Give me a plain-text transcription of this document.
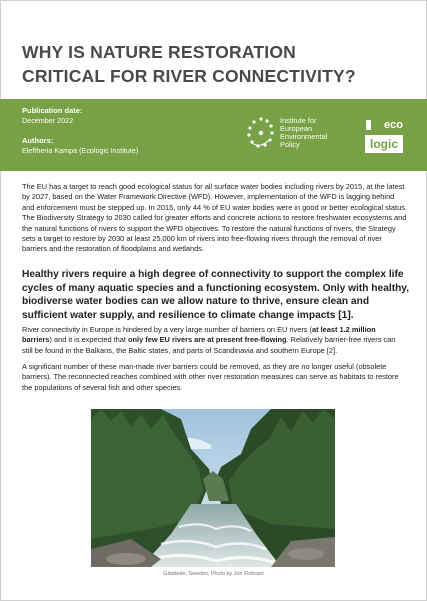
WHY IS NATURE RESTORATION
CRITICAL FOR RIVER CONNECTIVITY?
Publication date:
December 2022
Authors:
Eleftheria Kampa (Ecologic Institute)
Institute for
European
Environmental
Policy
eco
logic
The EU has a target to reach good ecological status for all surface water bodies including rivers by 2015, at the latest by 2027, based on the Water Framework Directive (WFD). However, implementation of the WFD is lagging behind and enforcement must be stepped up. In 2015, only 44 % of EU water bodies were in good or better ecological status. The Biodiversity Strategy to 2030 called for greater efforts and concrete actions to restore freshwater ecosystems and the natural functions of rivers to support the WFD objectives. To restore the natural functions of rivers, the Strategy sets a target to restore by 2030 at least 25,000 km of rivers into free-flowing rivers through the removal of river barriers and the restoration of floodplains and wetlands.
Healthy rivers require a high degree of connectivity to support the complex life cycles of many aquatic species and a functioning ecosystem. Only with healthy, biodiverse water bodies can we allow nature to thrive, ensure clean and sufficient water supply, and resilience to climate change impacts [1].
River connectivity in Europe is hindered by a very large number of barriers on EU rivers (at least 1.2 million barriers) and it is expected that only few EU rivers are at present free-flowing. Relatively barrier-free rivers can still be found in the Balkans, the Baltic states, and parts of Scandinavia and southern Europe [2].
A significant number of these man-made river barriers could be removed, as they are no longer useful (obsolete barriers). The reconnected reaches combined with other river restoration measures can serve as habitats to restore the populations of several fish and other species.
Gäddede, Sweden; Photo by Jon Flobrant
